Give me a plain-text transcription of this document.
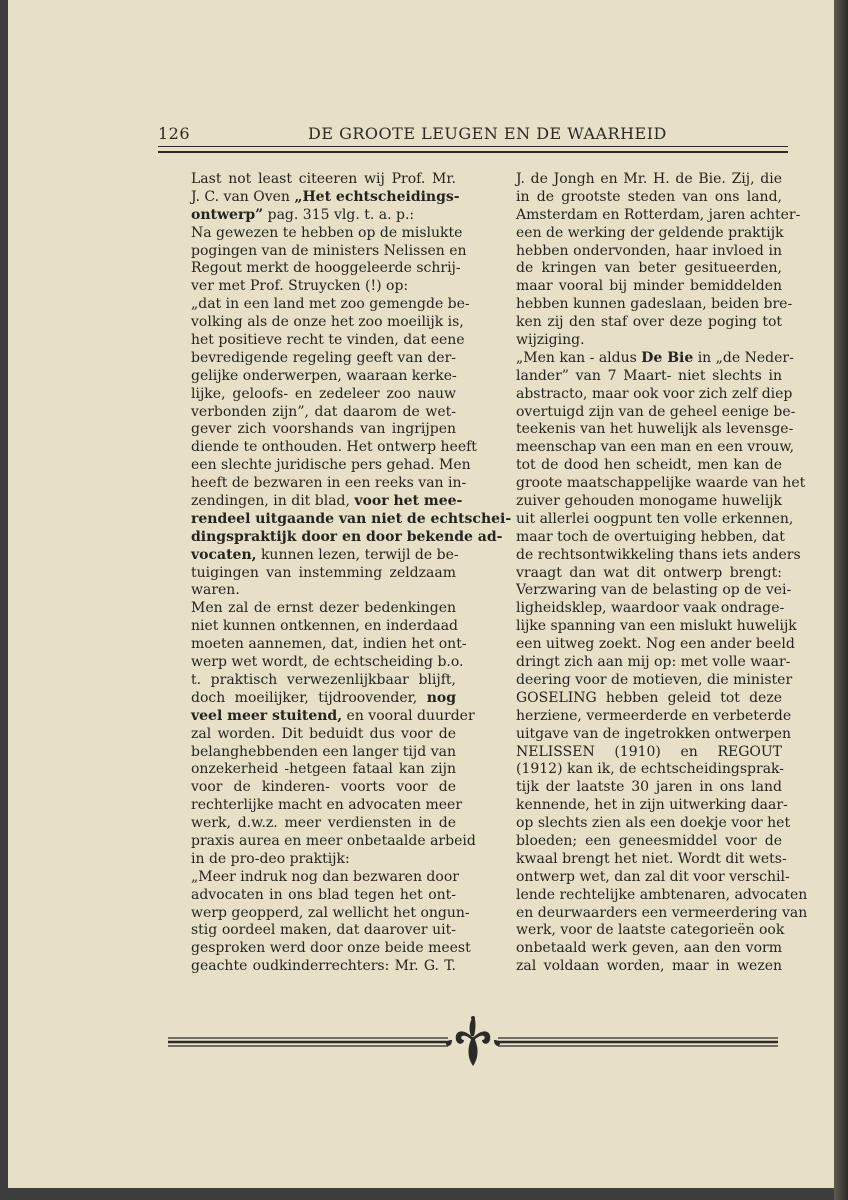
126	DE GROOTE LEUGEN EN DE WAARHEID
Last not least citeeren wij Prof. Mr.
J. C. van Oven „Het echtscheidings-
ontwerp” pag. 315 vlg. t. a. p.:
Na gewezen te hebben op de mislukte
pogingen van de ministers Nelissen en
Regout merkt de hooggeleerde schrij-
ver met Prof. Struycken (!) op:
„dat in een land met zoo gemengde be-
volking als de onze het zoo moeilijk is,
het positieve recht te vinden, dat eene
bevredigende regeling geeft van der-
gelijke onderwerpen, waaraan kerke-
lijke, geloofs- en zedeleer zoo nauw
verbonden zijn”, dat daarom de wet-
gever zich voorshands van ingrijpen
diende te onthouden. Het ontwerp heeft
een slechte juridische pers gehad. Men
heeft de bezwaren in een reeks van in-
zendingen, in dit blad, voor het mee-
rendeel uitgaande van niet de echtschei-
dingspraktijk door en door bekende ad-
vocaten, kunnen lezen, terwijl de be-
tuigingen van instemming zeldzaam
waren.
Men zal de ernst dezer bedenkingen
niet kunnen ontkennen, en inderdaad
moeten aannemen, dat, indien het ont-
werp wet wordt, de echtscheiding b.o.
t. praktisch verwezenlijkbaar blijft,
doch moeilijker, tijdroovender, nog
veel meer stuitend, en vooral duurder
zal worden. Dit beduidt dus voor de
belanghebbenden een langer tijd van
onzekerheid -hetgeen fataal kan zijn
voor de kinderen- voorts voor de
rechterlijke macht en advocaten meer
werk, d.w.z. meer verdiensten in de
praxis aurea en meer onbetaalde arbeid
in de pro-deo praktijk:
„Meer indruk nog dan bezwaren door
advocaten in ons blad tegen het ont-
werp geopperd, zal wellicht het ongun-
stig oordeel maken, dat daarover uit-
gesproken werd door onze beide meest
geachte oudkinderrechters: Mr. G. T.
J. de Jongh en Mr. H. de Bie. Zij, die
in de grootste steden van ons land,
Amsterdam en Rotterdam, jaren achter-
een de werking der geldende praktijk
hebben ondervonden, haar invloed in
de kringen van beter gesitueerden,
maar vooral bij minder bemiddelden
hebben kunnen gadeslaan, beiden bre-
ken zij den staf over deze poging tot
wijziging.
„Men kan - aldus De Bie in „de Neder-
lander” van 7 Maart- niet slechts in
abstracto, maar ook voor zich zelf diep
overtuigd zijn van de geheel eenige be-
teekenis van het huwelijk als levensge-
meenschap van een man en een vrouw,
tot de dood hen scheidt, men kan de
groote maatschappelijke waarde van het
zuiver gehouden monogame huwelijk
uit allerlei oogpunt ten volle erkennen,
maar toch de overtuiging hebben, dat
de rechtsontwikkeling thans iets anders
vraagt dan wat dit ontwerp brengt:
Verzwaring van de belasting op de vei-
ligheidsklep, waardoor vaak ondrage-
lijke spanning van een mislukt huwelijk
een uitweg zoekt. Nog een ander beeld
dringt zich aan mij op: met volle waar-
deering voor de motieven, die minister
GOSELING hebben geleid tot deze
herziene, vermeerderde en verbeterde
uitgave van de ingetrokken ontwerpen
NELISSEN (1910) en REGOUT
(1912) kan ik, de echtscheidingsprak-
tijk der laatste 30 jaren in ons land
kennende, het in zijn uitwerking daar-
op slechts zien als een doekje voor het
bloeden; een geneesmiddel voor de
kwaal brengt het niet. Wordt dit wets-
ontwerp wet, dan zal dit voor verschil-
lende rechtelijke ambtenaren, advocaten
en deurwaarders een vermeerdering van
werk, voor de laatste categorieën ook
onbetaald werk geven, aan den vorm
zal voldaan worden, maar in wezen
